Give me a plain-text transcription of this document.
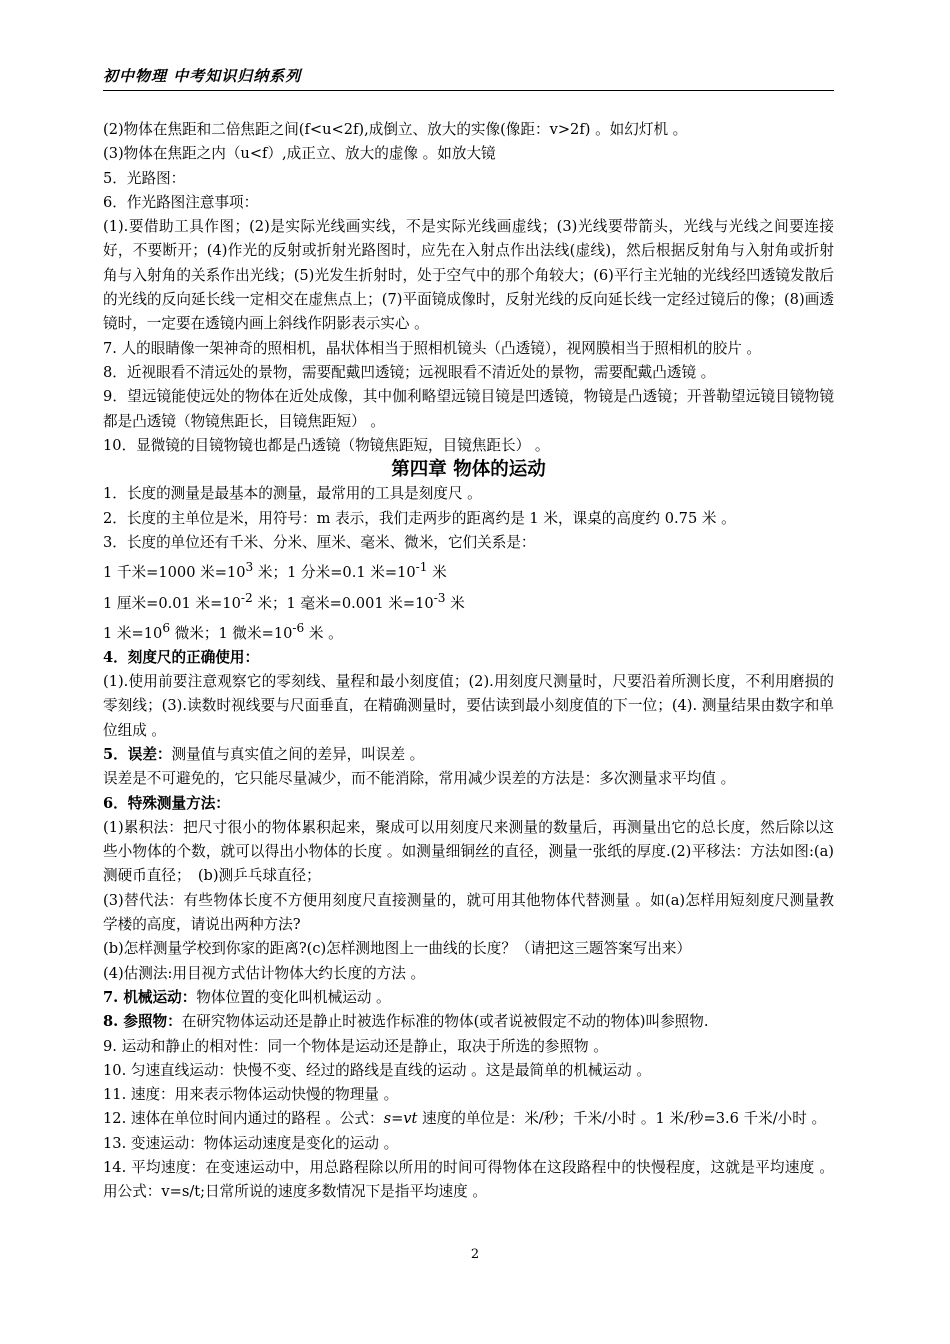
初中物理 中考知识归纳系列

(2)物体在焦距和二倍焦距之间(f<u<2f),成倒立、放大的实像(像距：v>2f) 。如幻灯机 。

(3)物体在焦距之内（u<f）,成正立、放大的虚像 。如放大镜

5．光路图：

6．作光路图注意事项：

(1).要借助工具作图；(2)是实际光线画实线，不是实际光线画虚线；(3)光线要带箭头，光线与光线之间要连接好，不要断开；(4)作光的反射或折射光路图时，应先在入射点作出法线(虚线)，然后根据反射角与入射角或折射角与入射角的关系作出光线；(5)光发生折射时，处于空气中的那个角较大；(6)平行主光轴的光线经凹透镜发散后的光线的反向延长线一定相交在虚焦点上；(7)平面镜成像时，反射光线的反向延长线一定经过镜后的像；(8)画透镜时，一定要在透镜内画上斜线作阴影表示实心 。

7. 人的眼睛像一架神奇的照相机，晶状体相当于照相机镜头（凸透镜），视网膜相当于照相机的胶片 。

8．近视眼看不清远处的景物，需要配戴凹透镜；远视眼看不清近处的景物，需要配戴凸透镜 。

9．望远镜能使远处的物体在近处成像，其中伽利略望远镜目镜是凹透镜，物镜是凸透镜；开普勒望远镜目镜物镜都是凸透镜（物镜焦距长，目镜焦距短） 。

10．显微镜的目镜物镜也都是凸透镜（物镜焦距短，目镜焦距长） 。

第四章 物体的运动

1．长度的测量是最基本的测量，最常用的工具是刻度尺 。

2．长度的主单位是米，用符号：m 表示，我们走两步的距离约是 1 米，课桌的高度约 0.75 米 。

3．长度的单位还有千米、分米、厘米、毫米、微米，它们关系是：

1 千米=1000 米$=10^3$ 米；1 分米=0.1 米$=10^{-1}$ 米

1 厘米=0.01 米$=10^{-2}$ 米；1 毫米=0.001 米$=10^{-3}$ 米

1 米$=10^6$ 微米；1 微米$=10^{-6}$ 米 。

4．刻度尺的正确使用：

(1).使用前要注意观察它的零刻线、量程和最小刻度值；(2).用刻度尺测量时，尺要沿着所测长度，不利用磨损的零刻线；(3).读数时视线要与尺面垂直，在精确测量时，要估读到最小刻度值的下一位；(4). 测量结果由数字和单位组成 。

5．误差：测量值与真实值之间的差异，叫误差 。

误差是不可避免的，它只能尽量减少，而不能消除，常用减少误差的方法是：多次测量求平均值 。

6．特殊测量方法：

(1)累积法：把尺寸很小的物体累积起来，聚成可以用刻度尺来测量的数量后，再测量出它的总长度，然后除以这些小物体的个数，就可以得出小物体的长度 。如测量细铜丝的直径，测量一张纸的厚度.(2)平移法：方法如图:(a)测硬币直径；　(b)测乒乓球直径；

(3)替代法：有些物体长度不方便用刻度尺直接测量的，就可用其他物体代替测量 。如(a)怎样用短刻度尺测量教学楼的高度，请说出两种方法?

(b)怎样测量学校到你家的距离?(c)怎样测地图上一曲线的长度？（请把这三题答案写出来）

(4)估测法:用目视方式估计物体大约长度的方法 。

7. 机械运动：物体位置的变化叫机械运动 。

8. 参照物：在研究物体运动还是静止时被选作标准的物体(或者说被假定不动的物体)叫参照物.

9. 运动和静止的相对性：同一个物体是运动还是静止，取决于所选的参照物 。

10. 匀速直线运动：快慢不变、经过的路线是直线的运动 。这是最简单的机械运动 。

11. 速度：用来表示物体运动快慢的物理量 。

12. 速体在单位时间内通过的路程 。公式：s=vt 速度的单位是：米/秒；千米/小时 。1 米/秒=3.6 千米/小时 。

13. 变速运动：物体运动速度是变化的运动 。

14. 平均速度：在变速运动中，用总路程除以所用的时间可得物体在这段路程中的快慢程度，这就是平均速度 。用公式：v=s/t;日常所说的速度多数情况下是指平均速度 。

2
